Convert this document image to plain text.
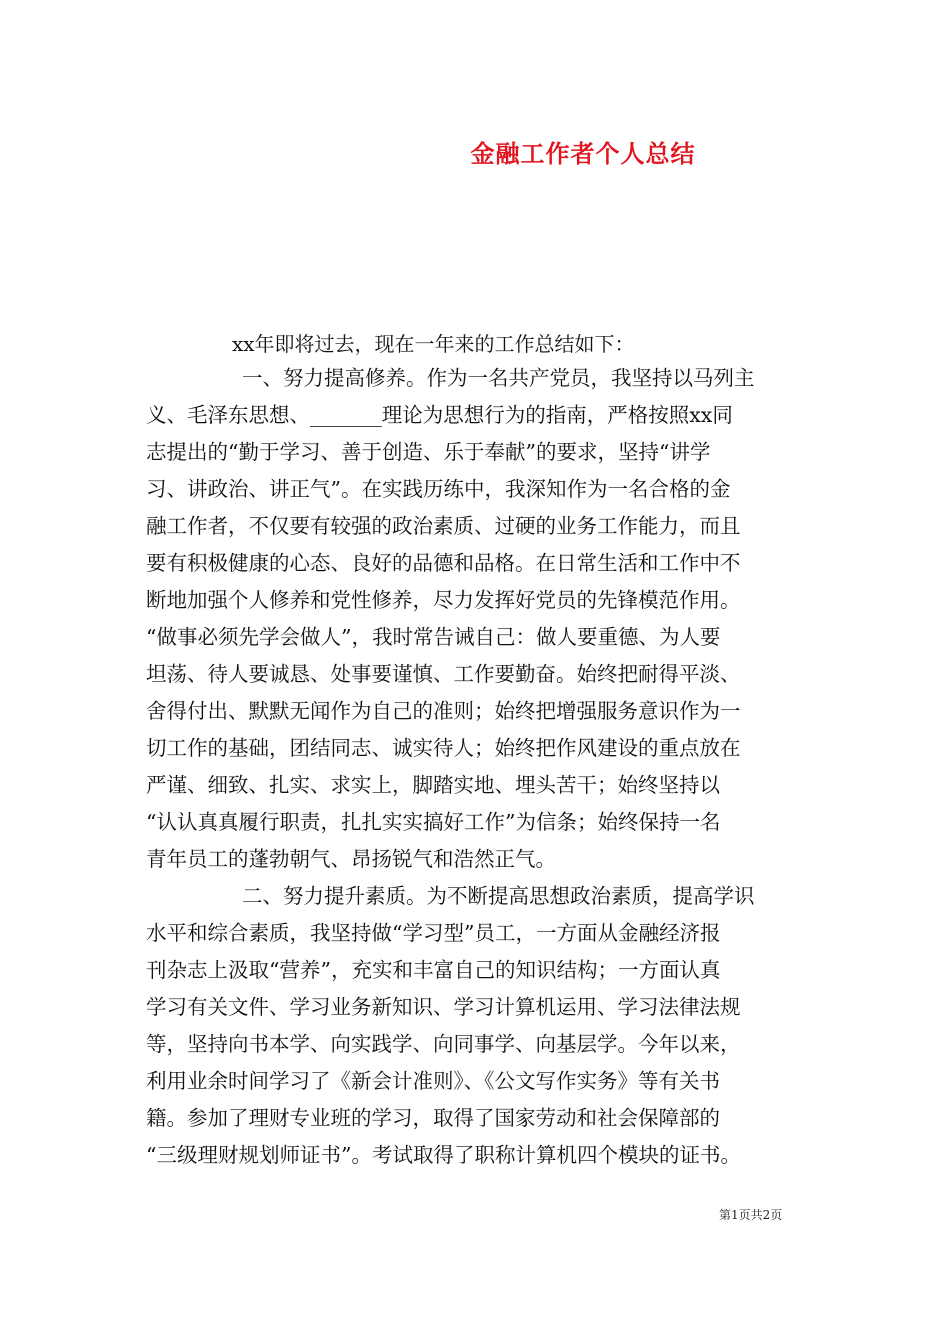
金融工作者个人总结
xx年即将过去，现在一年来的工作总结如下：
一、努力提高修养。作为一名共产党员，我坚持以马列主
义、毛泽东思想、_______理论为思想行为的指南，严格按照xx同
志提出的“勤于学习、善于创造、乐于奉献”的要求，坚持“讲学
习、讲政治、讲正气”。在实践历练中，我深知作为一名合格的金
融工作者，不仅要有较强的政治素质、过硬的业务工作能力，而且
要有积极健康的心态、良好的品德和品格。在日常生活和工作中不
断地加强个人修养和党性修养，尽力发挥好党员的先锋模范作用。
“做事必须先学会做人”，我时常告诫自己：做人要重德、为人要
坦荡、待人要诚恳、处事要谨慎、工作要勤奋。始终把耐得平淡、
舍得付出、默默无闻作为自己的准则；始终把增强服务意识作为一
切工作的基础，团结同志、诚实待人；始终把作风建设的重点放在
严谨、细致、扎实、求实上，脚踏实地、埋头苦干；始终坚持以
“认认真真履行职责，扎扎实实搞好工作”为信条；始终保持一名
青年员工的蓬勃朝气、昂扬锐气和浩然正气。
二、努力提升素质。为不断提高思想政治素质，提高学识
水平和综合素质，我坚持做“学习型”员工，一方面从金融经济报
刊杂志上汲取“营养”，充实和丰富自己的知识结构；一方面认真
学习有关文件、学习业务新知识、学习计算机运用、学习法律法规
等，坚持向书本学、向实践学、向同事学、向基层学。今年以来，
利用业余时间学习了《新会计准则》、《公文写作实务》等有关书
籍。参加了理财专业班的学习，取得了国家劳动和社会保障部的
“三级理财规划师证书”。考试取得了职称计算机四个模块的证书。
第1页共2页
